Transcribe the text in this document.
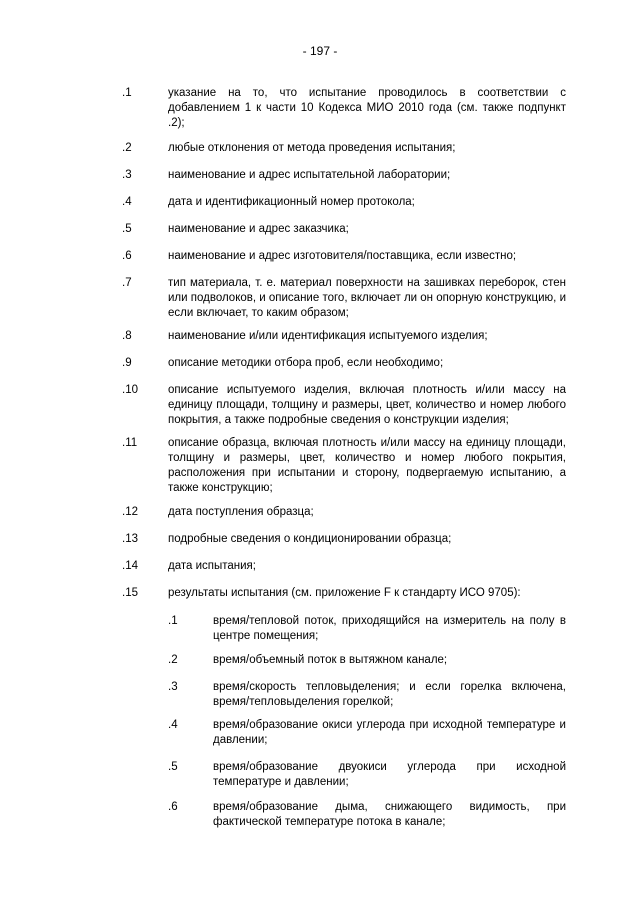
- 197 -
.1	указание на то, что испытание проводилось в соответствии с добавлением 1 к части 10 Кодекса МИО 2010 года (см. также подпункт .2);
.2	любые отклонения от метода проведения испытания;
.3	наименование и адрес испытательной лаборатории;
.4	дата и идентификационный номер протокола;
.5	наименование и адрес заказчика;
.6	наименование и адрес изготовителя/поставщика, если известно;
.7	тип материала, т. е. материал поверхности на зашивках переборок, стен или подволоков, и описание того, включает ли он опорную конструкцию, и если включает, то каким образом;
.8	наименование и/или идентификация испытуемого изделия;
.9	описание методики отбора проб, если необходимо;
.10	описание испытуемого изделия, включая плотность и/или массу на единицу площади, толщину и размеры, цвет, количество и номер любого покрытия, а также подробные сведения о конструкции изделия;
.11	описание образца, включая плотность и/или массу на единицу площади, толщину и размеры, цвет, количество и номер любого покрытия, расположения при испытании и сторону, подвергаемую испытанию, а также конструкцию;
.12	дата поступления образца;
.13	подробные сведения о кондиционировании образца;
.14	дата испытания;
.15	результаты испытания (см. приложение F к стандарту ИСО 9705):
.1	время/тепловой поток, приходящийся на измеритель на полу в центре помещения;
.2	время/объемный поток в вытяжном канале;
.3	время/скорость тепловыделения; и если горелка включена, время/тепловыделения горелкой;
.4	время/образование окиси углерода при исходной температуре и давлении;
.5	время/образование двуокиси углерода при исходной температуре и давлении;
.6	время/образование дыма, снижающего видимость, при фактической температуре потока в канале;
